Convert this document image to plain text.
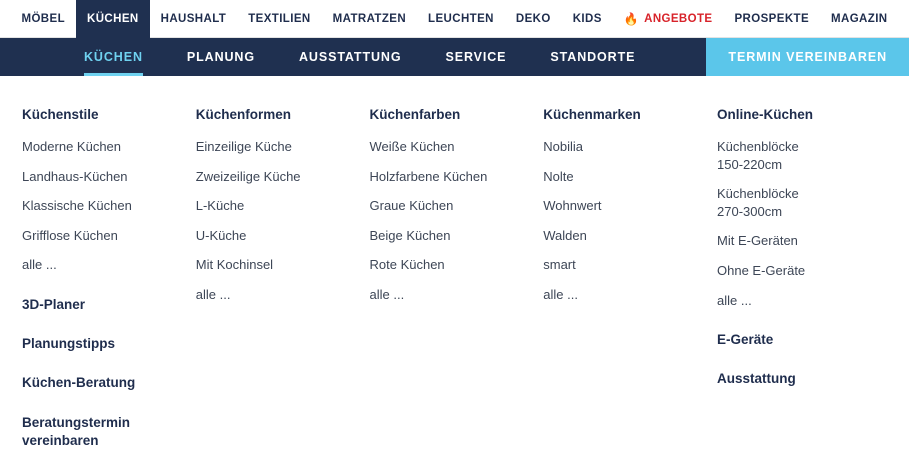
MÖBEL KÜCHEN HAUSHALT TEXTILIEN MATRATZEN LEUCHTEN DEKO KIDS 🔥 ANGEBOTE PROSPEKTE MAGAZIN
KÜCHEN	PLANUNG	AUSSTATTUNG	SERVICE	STANDORTE	TERMIN VEREINBAREN
Küchenstile
Moderne Küchen
Landhaus-Küchen
Klassische Küchen
Grifflose Küchen
alle ...
3D-Planer
Planungstipps
Küchen-Beratung
Beratungstermin vereinbaren
Küchenformen
Einzeilige Küche
Zweizeilige Küche
L-Küche
U-Küche
Mit Kochinsel
alle ...
Küchenfarben
Weiße Küchen
Holzfarbene Küchen
Graue Küchen
Beige Küchen
Rote Küchen
alle ...
Küchenmarken
Nobilia
Nolte
Wohnwert
Walden
smart
alle ...
Online-Küchen
Küchenblöcke 150-220cm
Küchenblöcke 270-300cm
Mit E-Geräten
Ohne E-Geräte
alle ...
E-Geräte
Ausstattung
